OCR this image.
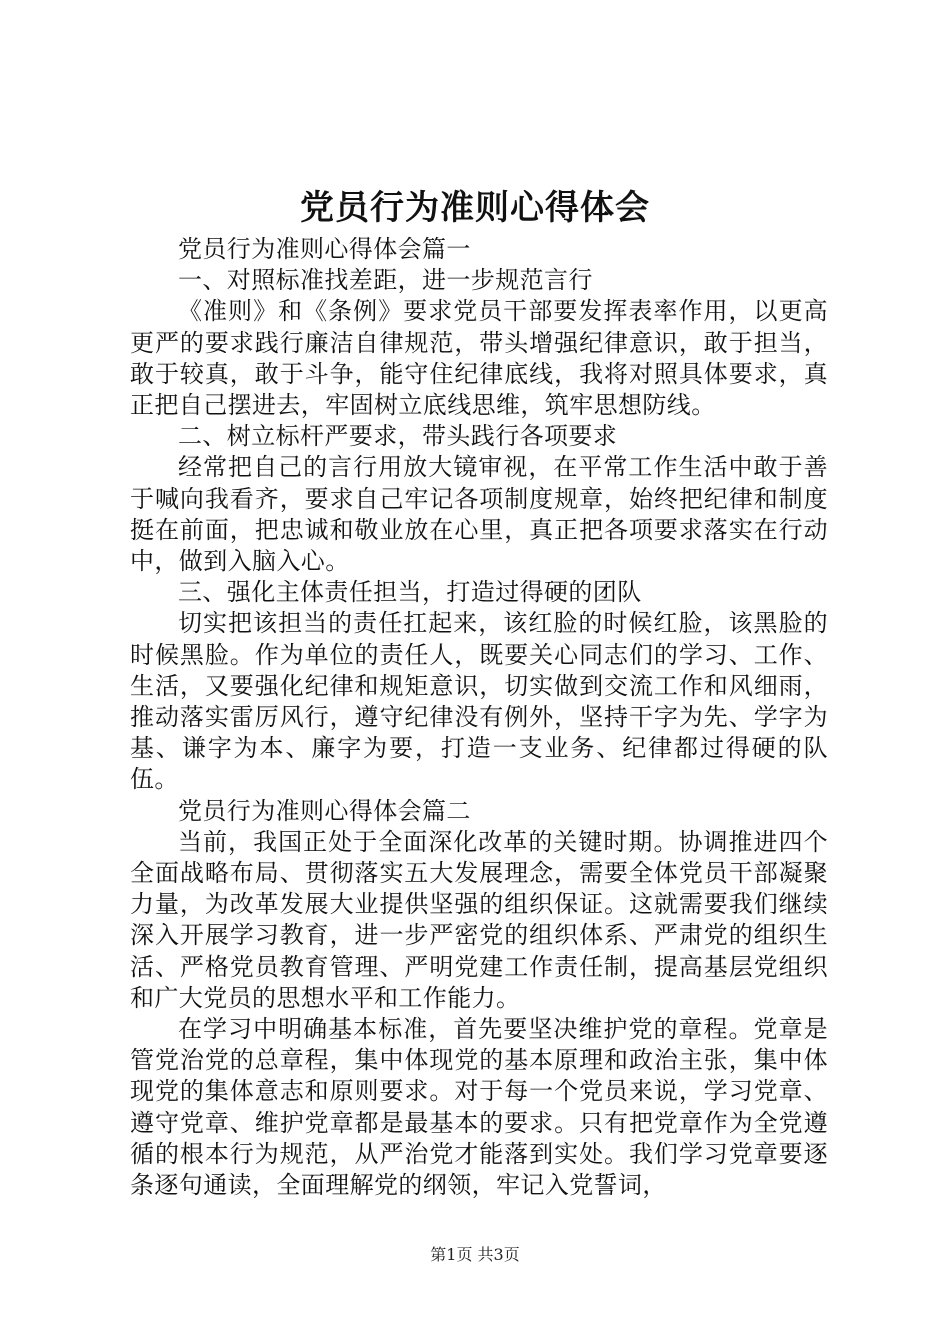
党员行为准则心得体会

党员行为准则心得体会篇一

一、对照标准找差距，进一步规范言行

《准则》和《条例》要求党员干部要发挥表率作用，以更高更严的要求践行廉洁自律规范，带头增强纪律意识，敢于担当，敢于较真，敢于斗争，能守住纪律底线，我将对照具体要求，真正把自己摆进去，牢固树立底线思维，筑牢思想防线。

二、树立标杆严要求，带头践行各项要求

经常把自己的言行用放大镜审视，在平常工作生活中敢于善于喊向我看齐，要求自己牢记各项制度规章，始终把纪律和制度挺在前面，把忠诚和敬业放在心里，真正把各项要求落实在行动中，做到入脑入心。

三、强化主体责任担当，打造过得硬的团队

切实把该担当的责任扛起来，该红脸的时候红脸，该黑脸的时候黑脸。作为单位的责任人，既要关心同志们的学习、工作、生活，又要强化纪律和规矩意识，切实做到交流工作和风细雨，推动落实雷厉风行，遵守纪律没有例外，坚持干字为先、学字为基、谦字为本、廉字为要，打造一支业务、纪律都过得硬的队伍。

党员行为准则心得体会篇二

当前，我国正处于全面深化改革的关键时期。协调推进四个全面战略布局、贯彻落实五大发展理念，需要全体党员干部凝聚力量，为改革发展大业提供坚强的组织保证。这就需要我们继续深入开展学习教育，进一步严密党的组织体系、严肃党的组织生活、严格党员教育管理、严明党建工作责任制，提高基层党组织和广大党员的思想水平和工作能力。

在学习中明确基本标准，首先要坚决维护党的章程。党章是管党治党的总章程，集中体现党的基本原理和政治主张，集中体现党的集体意志和原则要求。对于每一个党员来说，学习党章、遵守党章、维护党章都是最基本的要求。只有把党章作为全党遵循的根本行为规范，从严治党才能落到实处。我们学习党章要逐条逐句通读，全面理解党的纲领，牢记入党誓词，

第1页 共3页
